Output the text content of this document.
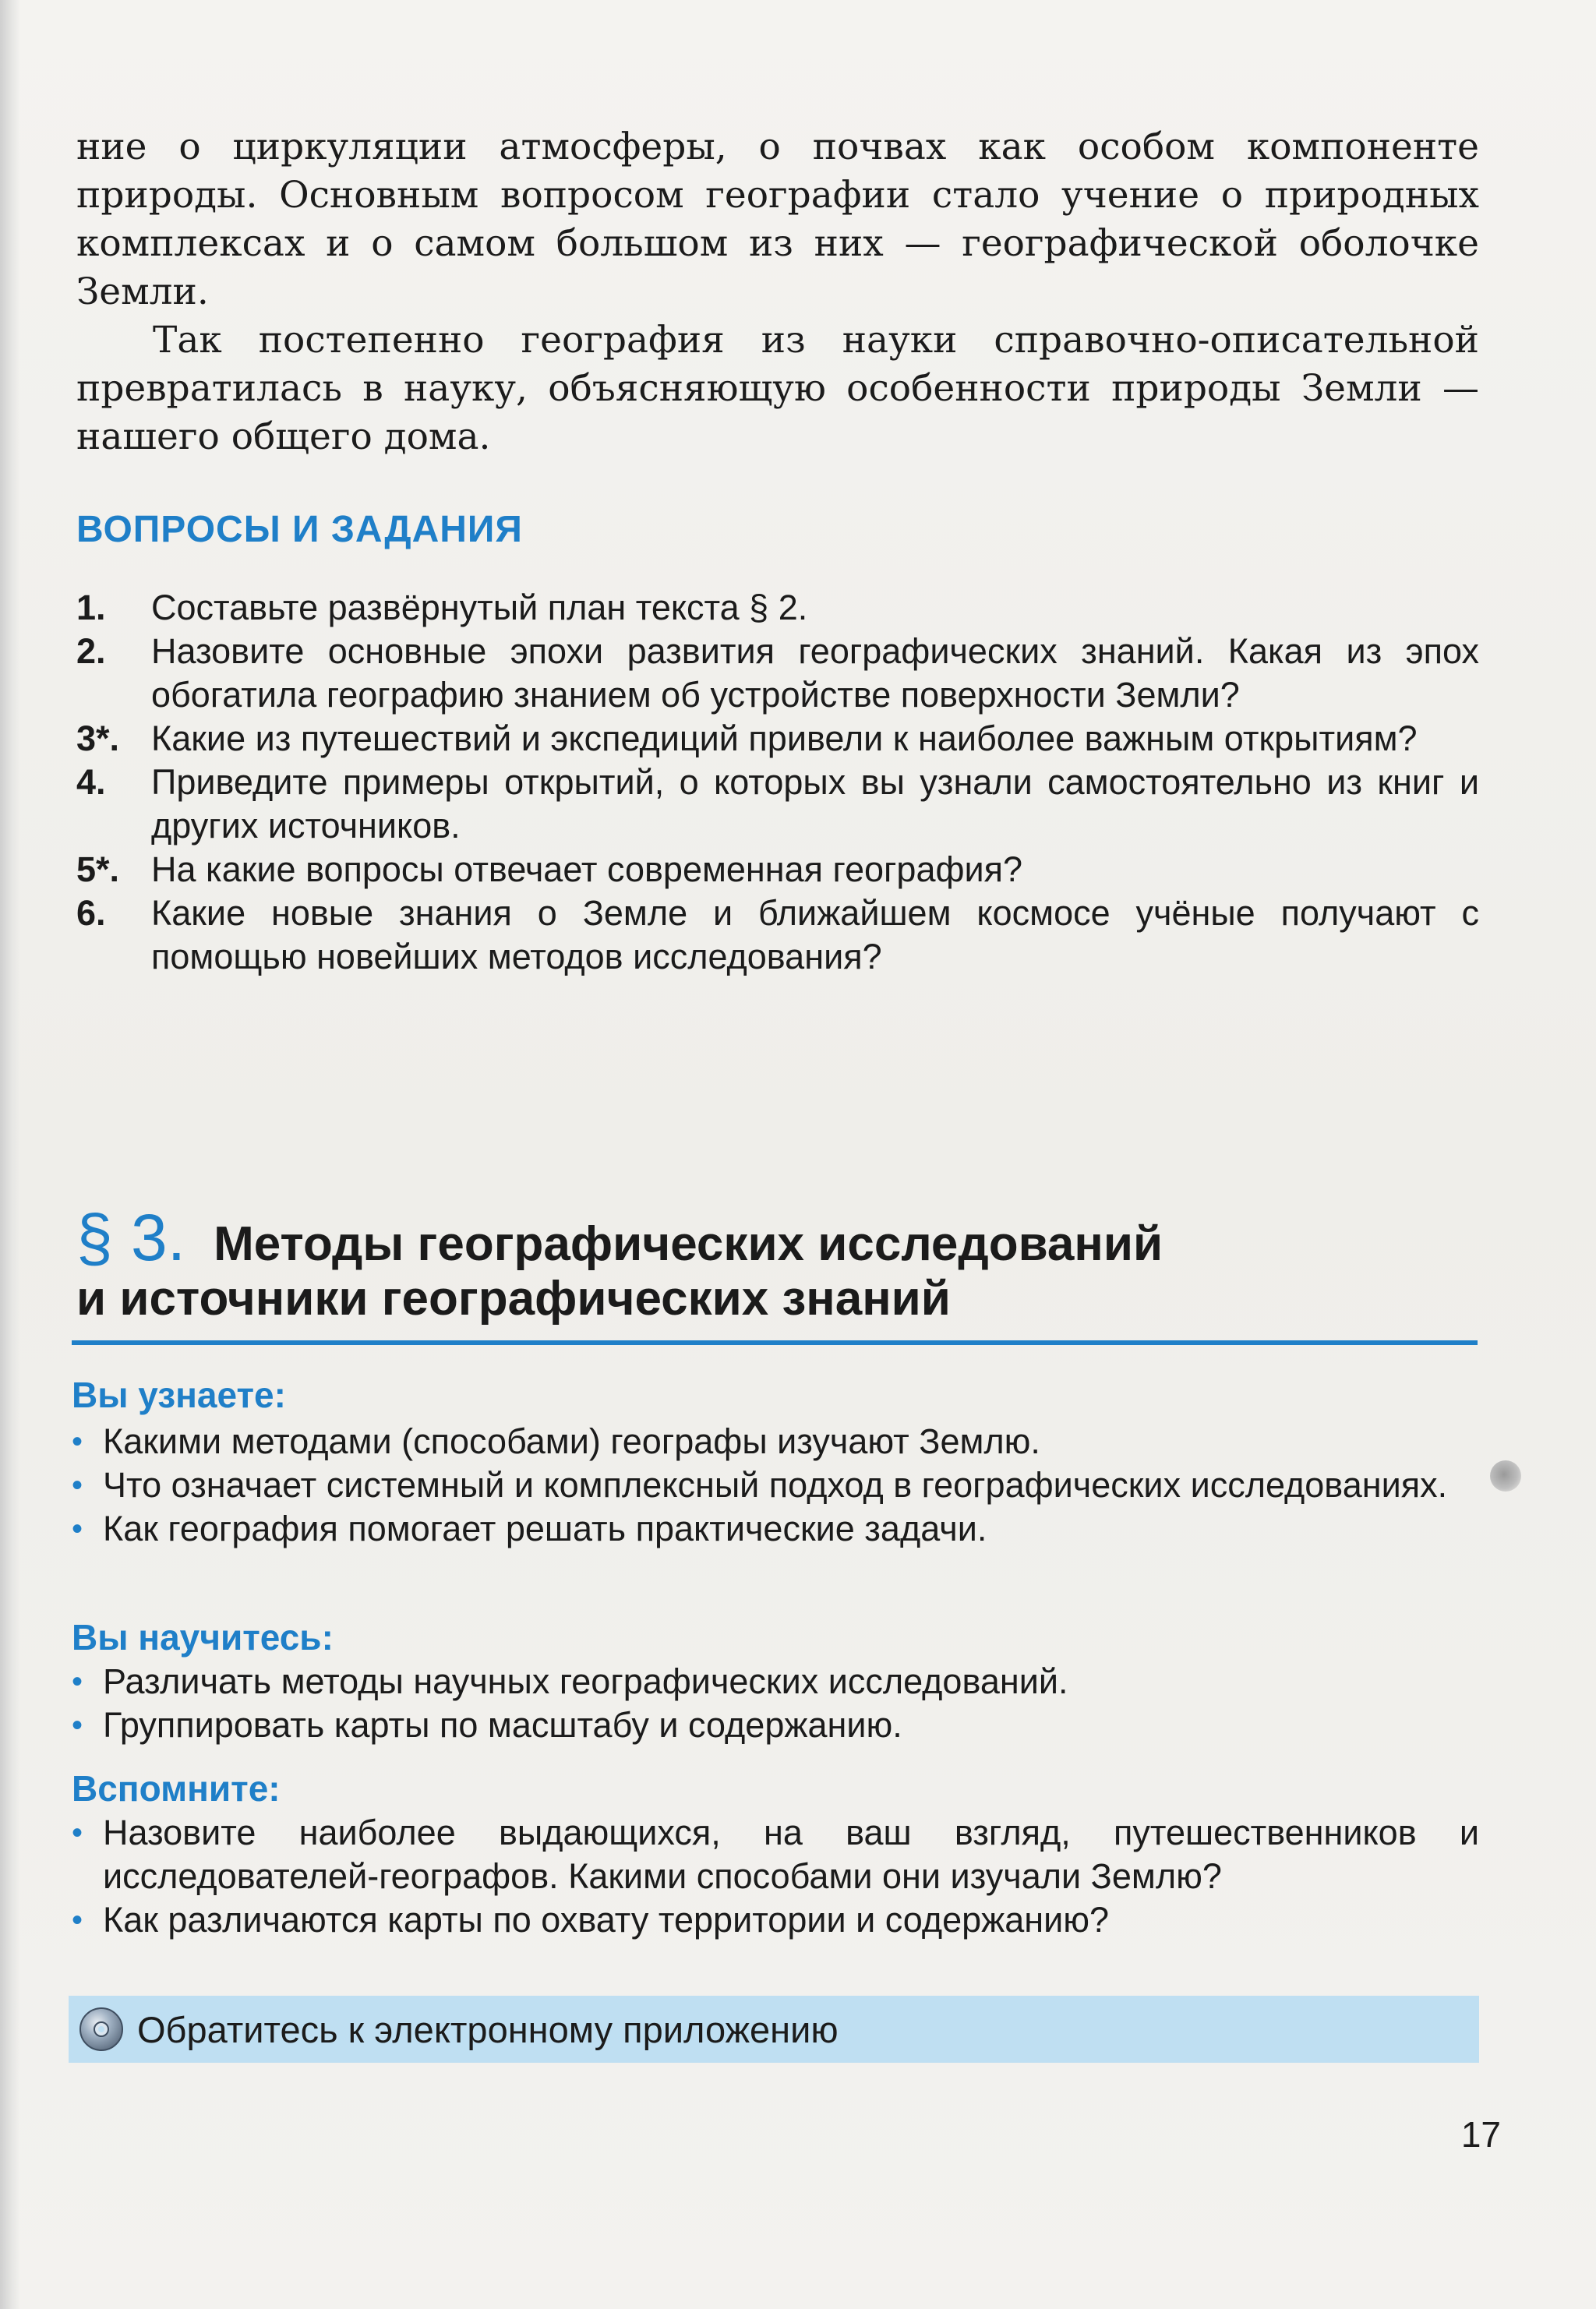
ние о циркуляции атмосферы, о почвах как особом компоненте природы. Основным вопросом географии стало учение о природных комплексах и о самом большом из них — географической оболочке Земли.

Так постепенно география из науки справочно-описательной превратилась в науку, объясняющую особенности природы Земли — нашего общего дома.

ВОПРОСЫ И ЗАДАНИЯ
1.	Составьте развёрнутый план текста § 2.
2.	Назовите основные эпохи развития географических знаний. Какая из эпох обогатила географию знанием об устройстве поверхности Земли?
3*. Какие из путешествий и экспедиций привели к наиболее важным открытиям?
4.	Приведите примеры открытий, о которых вы узнали самостоятельно из книг и других источников.
5*. На какие вопросы отвечает современная география?
6.	Какие новые знания о Земле и ближайшем космосе учёные получают с помощью новейших методов исследования?
§ 3. Методы географических исследований
и источники географических знаний
Вы узнаете:
• Какими методами (способами) географы изучают Землю.
• Что означает системный и комплексный подход в географических исследованиях.
• Как география помогает решать практические задачи.
Вы научитесь:
• Различать методы научных географических исследований.
• Группировать карты по масштабу и содержанию.
Вспомните:
• Назовите наиболее выдающихся, на ваш взгляд, путешественников и исследователей-географов. Какими способами они изучали Землю?
• Как различаются карты по охвату территории и содержанию?
Обратитесь к электронному приложению
17
